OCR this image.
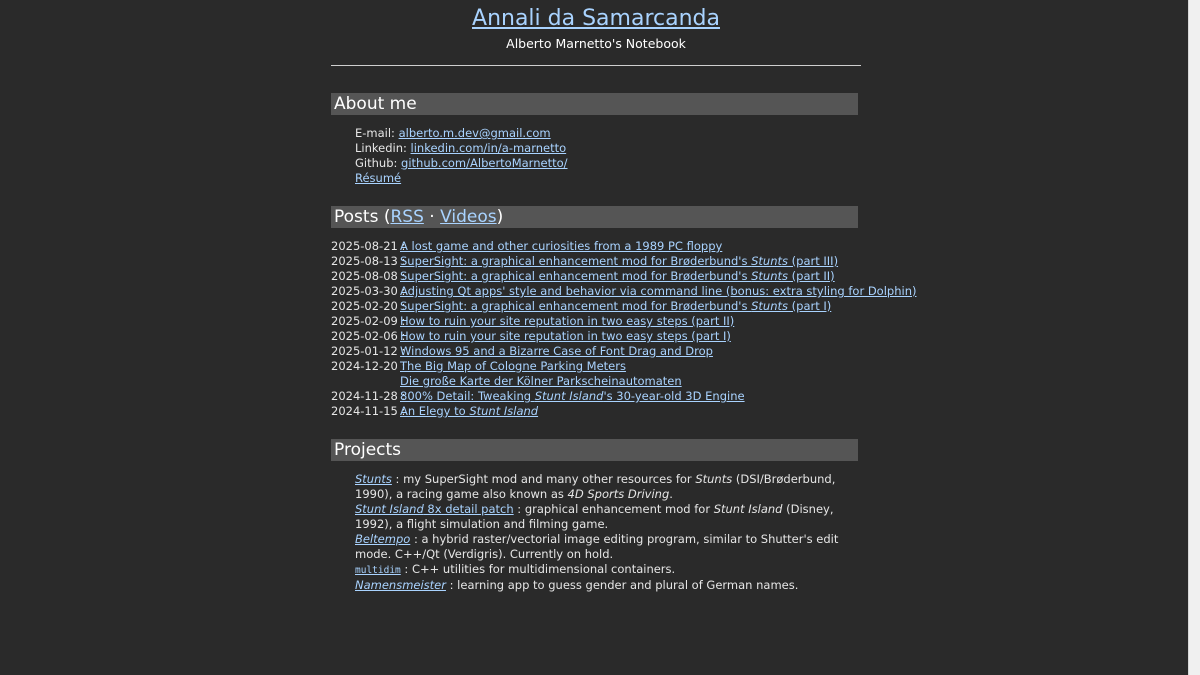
Annali da Samarcanda
Alberto Marnetto's Notebook
About me
E-mail: alberto.m.dev@gmail.com
Linkedin: linkedin.com/in/a-marnetto
Github: github.com/AlbertoMarnetto/
Résumé
Posts (RSS · Videos)
2025-08-21 :
A lost game and other curiosities from a 1989 PC floppy
2025-08-13 :
SuperSight: a graphical enhancement mod for Brøderbund's Stunts (part III)
2025-08-08 :
SuperSight: a graphical enhancement mod for Brøderbund's Stunts (part II)
2025-03-30 :
Adjusting Qt apps' style and behavior via command line (bonus: extra styling for Dolphin)
2025-02-20 :
SuperSight: a graphical enhancement mod for Brøderbund's Stunts (part I)
2025-02-09 :
How to ruin your site reputation in two easy steps (part II)
2025-02-06 :
How to ruin your site reputation in two easy steps (part I)
2025-01-12 :
Windows 95 and a Bizarre Case of Font Drag and Drop
2024-12-20 :
The Big Map of Cologne Parking Meters
Die große Karte der Kölner Parkscheinautomaten
2024-11-28 :
800% Detail: Tweaking Stunt Island's 30-year-old 3D Engine
2024-11-15 :
An Elegy to Stunt Island
Projects
Stunts : my SuperSight mod and many other resources for Stunts (DSI/Brøderbund, 1990), a racing game also known as 4D Sports Driving.
Stunt Island 8x detail patch : graphical enhancement mod for Stunt Island (Disney, 1992), a flight simulation and filming game.
Beltempo : a hybrid raster/vectorial image editing program, similar to Shutter's edit mode. C++/Qt (Verdigris). Currently on hold.
multidim : C++ utilities for multidimensional containers.
Namensmeister : learning app to guess gender and plural of German names.
